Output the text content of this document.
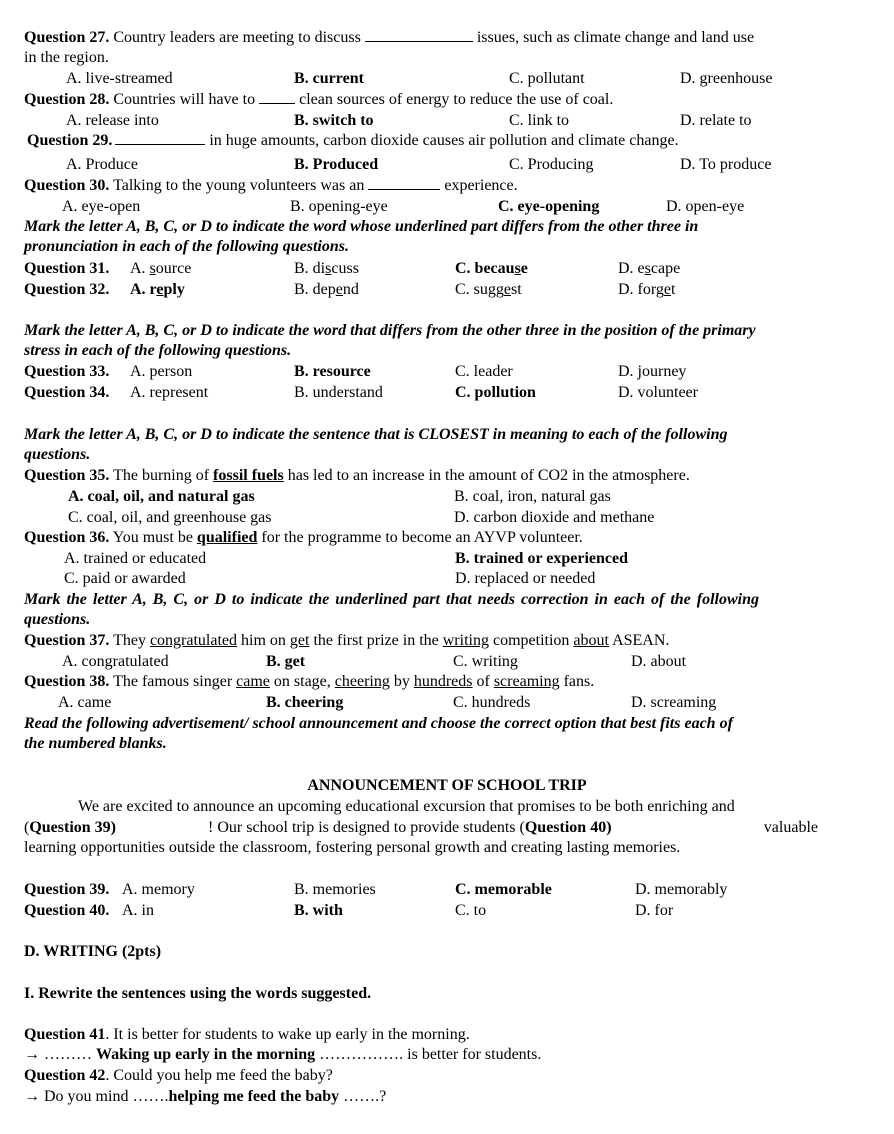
Question 27. Country leaders are meeting to discuss	issues, such as climate change and land use
in the region.
A. live-streamed	B. current	C. pollutant	D. greenhouse
Question 28. Countries will have to	clean sources of energy to reduce the use of coal.
A. release into	B. switch to	C. link to	D. relate to
Question 29.	in huge amounts, carbon dioxide causes air pollution and climate change.
A. Produce	B. Produced	C. Producing	D. To produce
Question 30. Talking to the young volunteers was an	experience.
A. eye-open	B. opening-eye	C. eye-opening	D. open-eye
Mark the letter A, B, C, or D to indicate the word whose underlined part differs from the other three in
pronunciation in each of the following questions.
Question 31. A. source	B. discuss	C. because	D. escape
Question 32. A. reply	B. depend	C. suggest	D. forget
Mark the letter A, B, C, or D to indicate the word that differs from the other three in the position of the primary
stress in each of the following questions.
Question 33. A. person	B. resource	C. leader	D. journey
Question 34. A. represent	B. understand	C. pollution	D. volunteer
Mark the letter A, B, C, or D to indicate the sentence that is CLOSEST in meaning to each of the following
questions.
Question 35. The burning of fossil fuels has led to an increase in the amount of CO2 in the atmosphere.
A. coal, oil, and natural gas	B. coal, iron, natural gas
C. coal, oil, and greenhouse gas	D. carbon dioxide and methane
Question 36. You must be qualified for the programme to become an AYVP volunteer.
A. trained or educated	B. trained or experienced
C. paid or awarded	D. replaced or needed
Mark the letter A, B, C, or D to indicate the underlined part that needs correction in each of the following
questions.
Question 37. They congratulated him on get the first prize in the writing competition about ASEAN.
A. congratulated	B. get	C. writing	D. about
Question 38. The famous singer came on stage, cheering by hundreds of screaming fans.
A. came	B. cheering	C. hundreds	D. screaming
Read the following advertisement/ school announcement and choose the correct option that best fits each of
the numbered blanks.
ANNOUNCEMENT OF SCHOOL TRIP
We are excited to announce an upcoming educational excursion that promises to be both enriching and
(Question 39)	! Our school trip is designed to provide students (Question 40)	valuable
learning opportunities outside the classroom, fostering personal growth and creating lasting memories.
Question 39. A. memory	B. memories	C. memorable	D. memorably
Question 40. A. in	B. with	C. to	D. for
D. WRITING (2pts)
I. Rewrite the sentences using the words suggested.
Question 41. It is better for students to wake up early in the morning.
→ ……… Waking up early in the morning ……………. is better for students.
Question 42. Could you help me feed the baby?
→ Do you mind …….helping me feed the baby …….?
